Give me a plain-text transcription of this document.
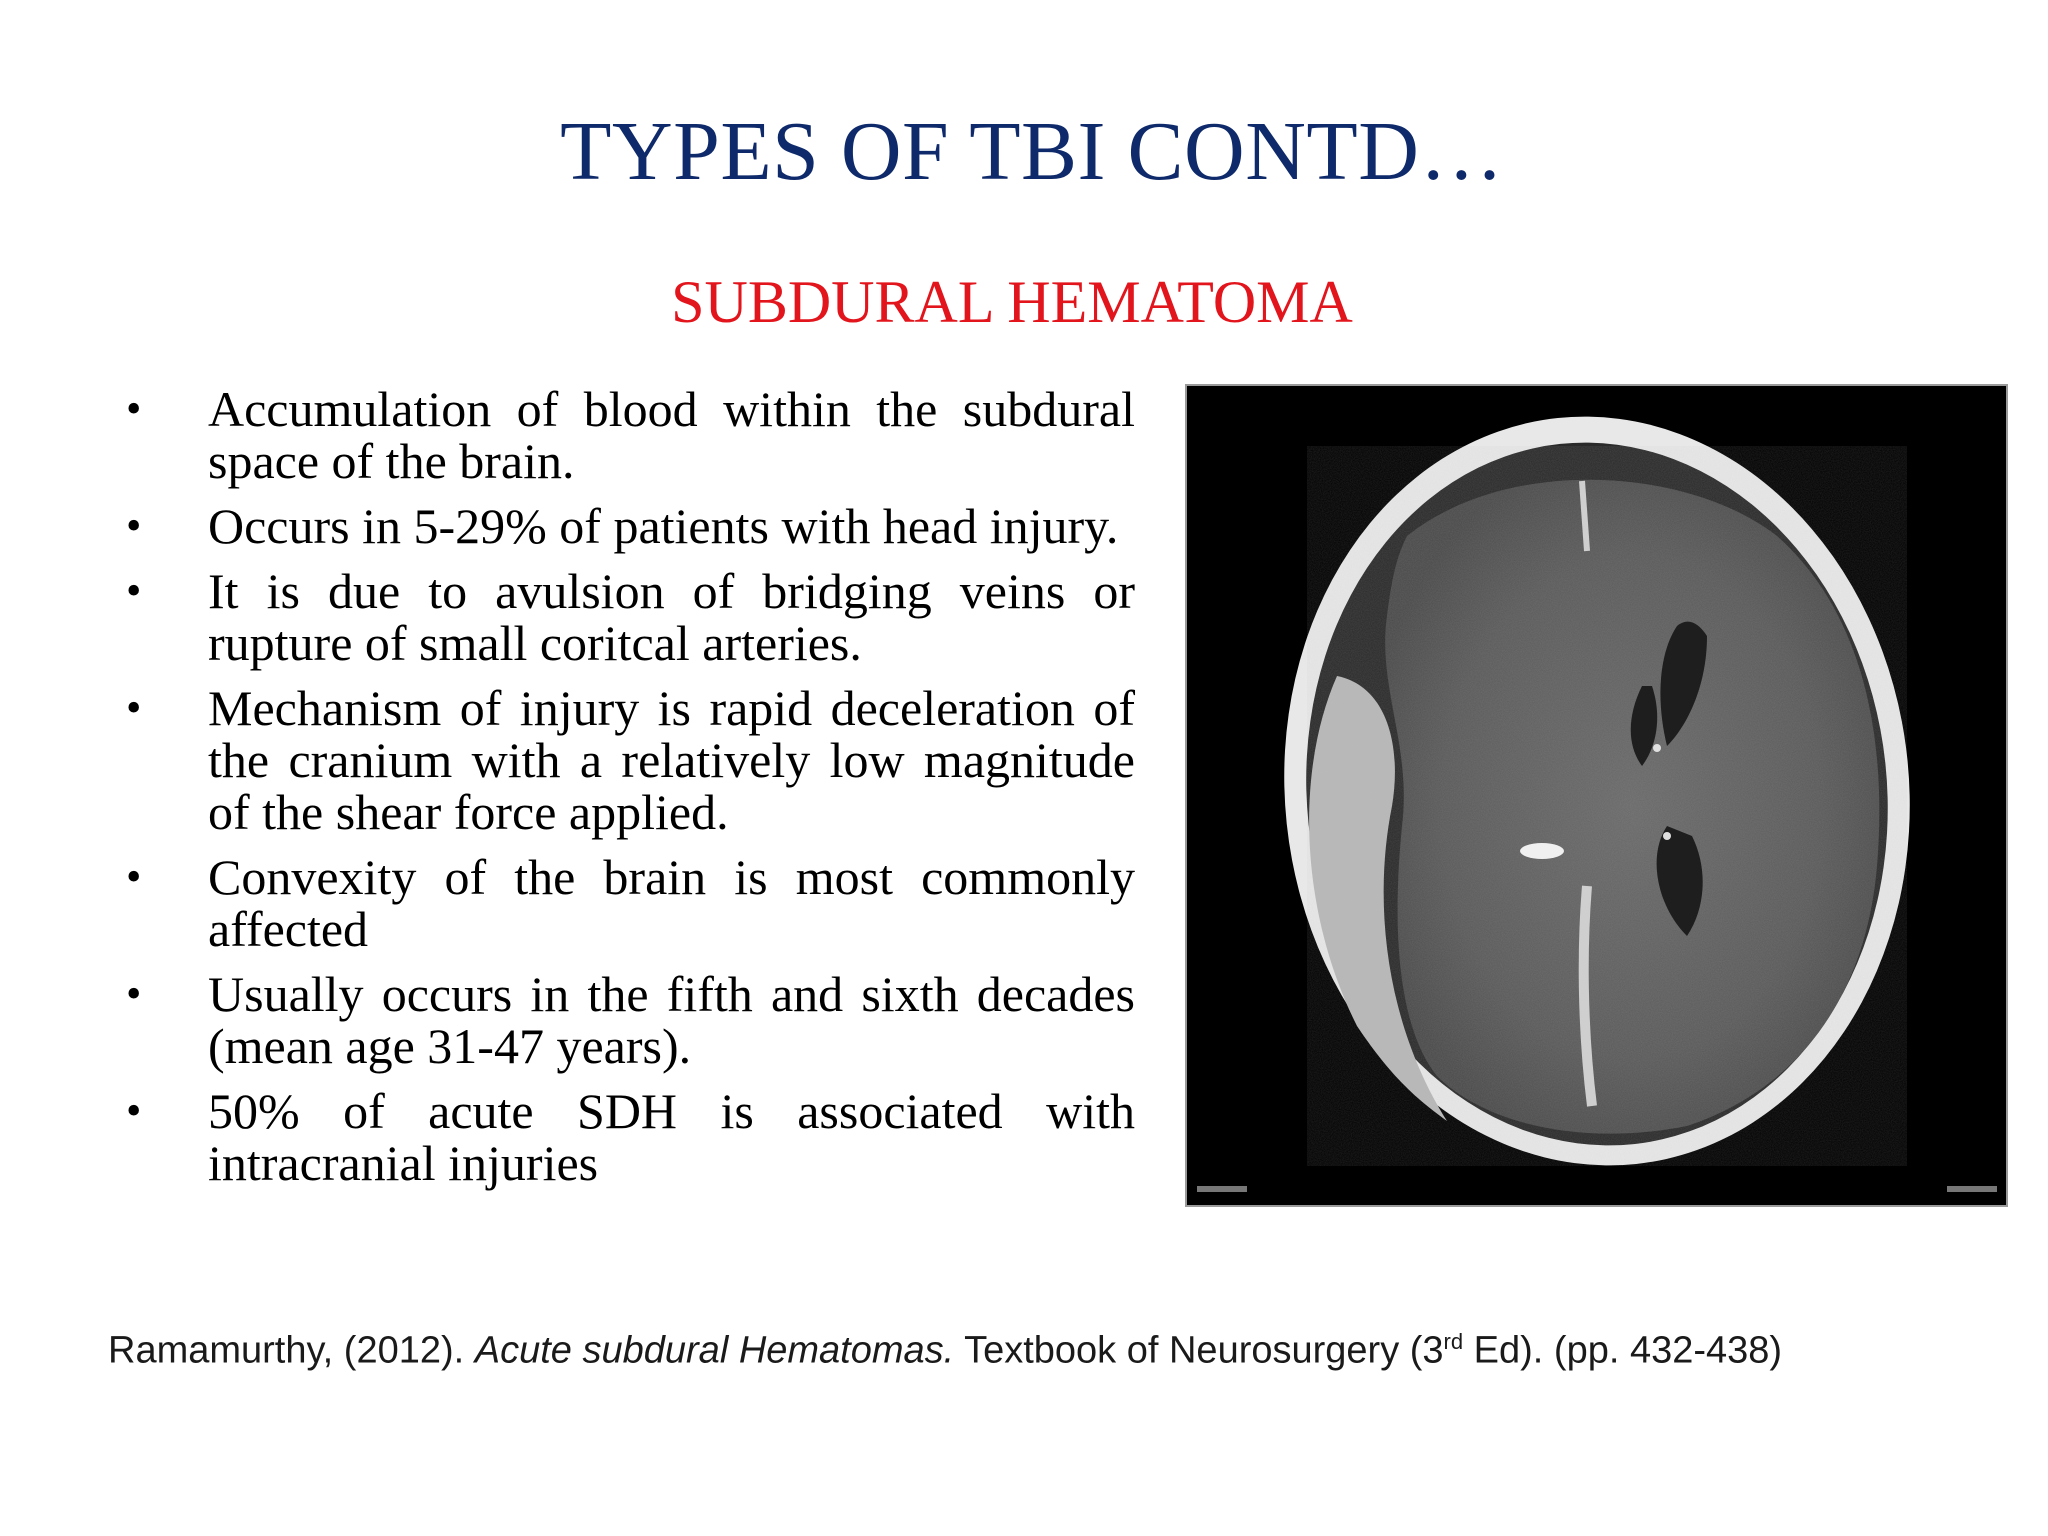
TYPES OF TBI CONTD…
SUBDURAL HEMATOMA
• Accumulation of blood within the subdural space of the brain.
• Occurs in 5-29% of patients with head injury.
• It is due to avulsion of bridging veins or rupture of small coritcal arteries.
• Mechanism of injury is rapid deceleration of the cranium with a relatively low magnitude of the shear force applied.
• Convexity of the brain is most commonly affected
• Usually occurs in the fifth and sixth decades (mean age 31-47 years).
• 50% of acute SDH is associated with intracranial injuries
Ramamurthy, (2012). Acute subdural Hematomas. Textbook of Neurosurgery (3rd Ed). (pp. 432-438)
